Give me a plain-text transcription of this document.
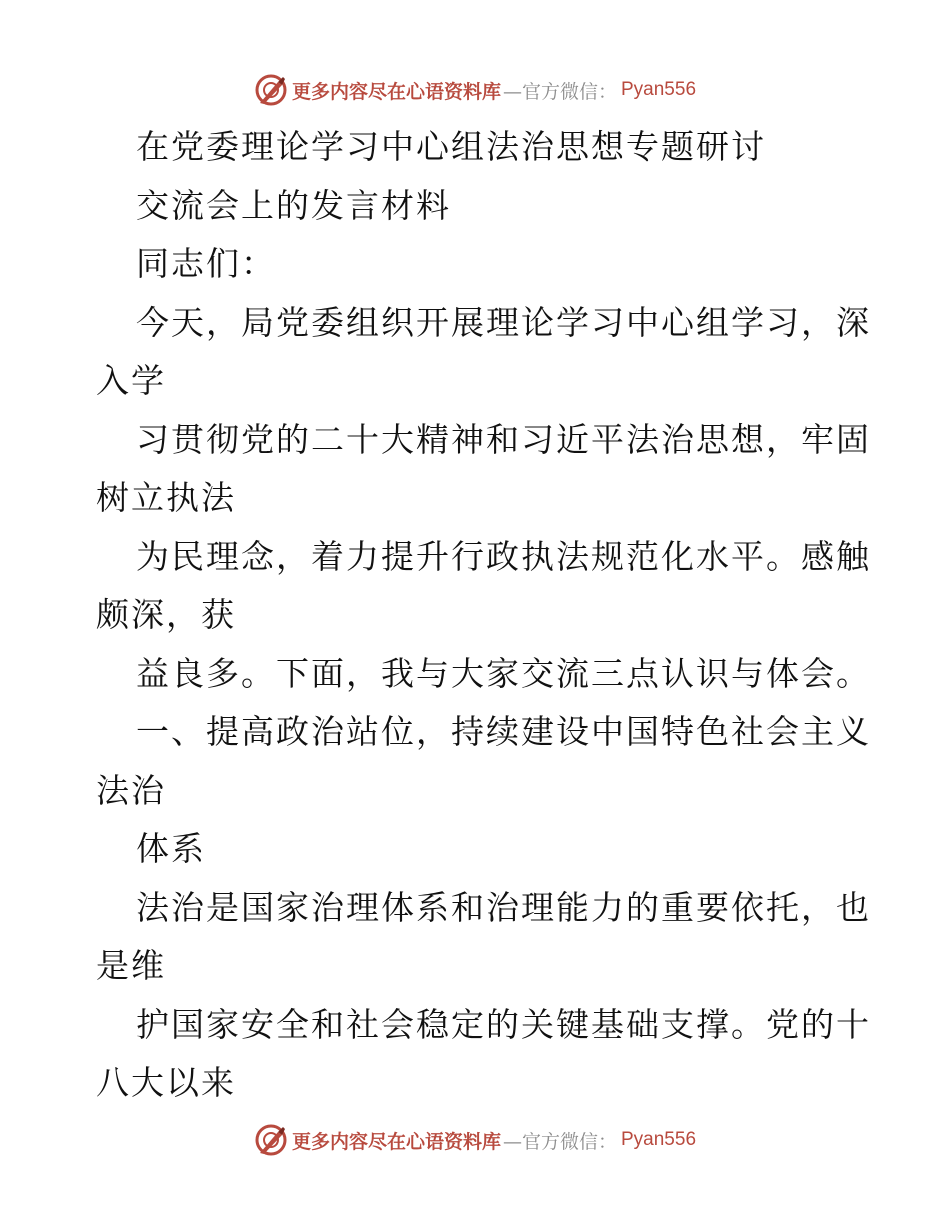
更多内容尽在心语资料库 —官方微信： Pyan556

在党委理论学习中心组法治思想专题研讨

交流会上的发言材料

同志们：

今天，局党委组织开展理论学习中心组学习，深

入学

习贯彻党的二十大精神和习近平法治思想，牢固

树立执法

为民理念，着力提升行政执法规范化水平。感触

颇深，获

益良多。下面，我与大家交流三点认识与体会。

一、提高政治站位，持续建设中国特色社会主义

法治

体系

法治是国家治理体系和治理能力的重要依托，也

是维

护国家安全和社会稳定的关键基础支撑。党的十

八大以来

更多内容尽在心语资料库 —官方微信： Pyan556
